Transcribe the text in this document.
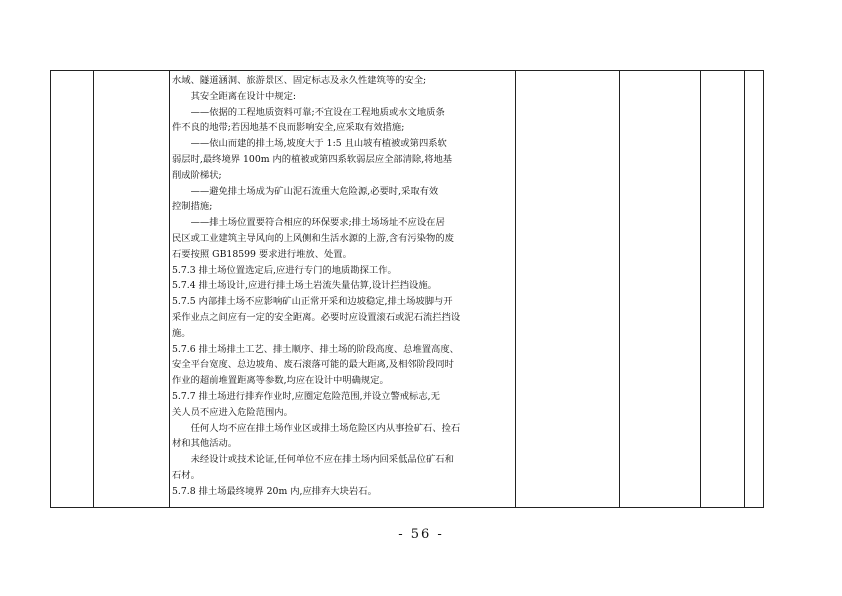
水域、隧道涵洞、旅游景区、固定标志及永久性建筑等的安全;

其安全距离在设计中规定:

——依据的工程地质资料可靠;不宜设在工程地质或水文地质条

件不良的地带;若因地基不良而影响安全,应采取有效措施;

——依山而建的排土场,坡度大于 1:5 且山坡有植被或第四系软

弱层时,最终境界 100m 内的植被或第四系软弱层应全部清除,将地基

削成阶梯状;

——避免排土场成为矿山泥石流重大危险源,必要时,采取有效

控制措施;

——排土场位置要符合相应的环保要求;排土场场址不应设在居

民区或工业建筑主导风向的上风侧和生活水源的上游,含有污染物的废

石要按照 GB18599 要求进行堆放、处置。

5.7.3 排土场位置选定后,应进行专门的地质勘探工作。

5.7.4 排土场设计,应进行排土场土岩流失量估算,设计拦挡设施。

5.7.5 内部排土场不应影响矿山正常开采和边坡稳定,排土场坡脚与开

采作业点之间应有一定的安全距离。必要时应设置滚石或泥石流拦挡设

施。

5.7.6 排土场排土工艺、排土顺序、排土场的阶段高度、总堆置高度、

安全平台宽度、总边坡角、废石滚落可能的最大距离,及相邻阶段同时

作业的超前堆置距离等参数,均应在设计中明确规定。

5.7.7 排土场进行排弃作业时,应圈定危险范围,并设立警戒标志,无

关人员不应进入危险范围内。

任何人均不应在排土场作业区或排土场危险区内从事捡矿石、捡石

材和其他活动。

未经设计或技术论证,任何单位不应在排土场内回采低品位矿石和

石材。

5.7.8 排土场最终境界 20m 内,应排弃大块岩石。

- 56 -
